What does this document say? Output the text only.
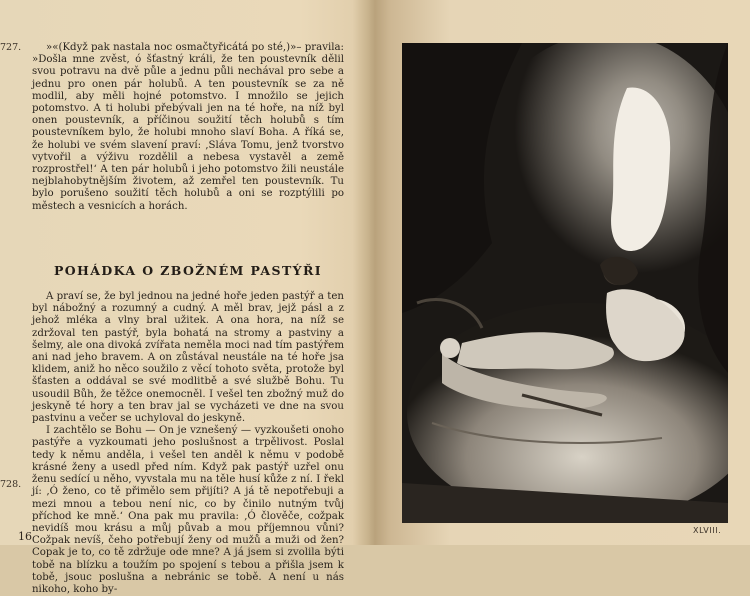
727.
728.

»«(Když pak nastala noc osmačtyřicátá po sté,)»– pravila: »Došla mne zvěst, ó šťastný králi, že ten poustevník dělil svou potravu na dvě půle a jednu půli nechával pro sebe a jednu pro onen pár holubů. A ten poustevník se za ně modlil, aby měli hojné potomstvo. I množilo se jejich potomstvo. A ti holubi přebývali jen na té hoře, na níž byl onen poustevník, a příčinou soužití těch holubů s tím poustevníkem bylo, že holubi mnoho slaví Boha. A říká se, že holubi ve svém slavení praví: ‚Sláva Tomu, jenž tvorstvo vytvořil a výživu rozdělil a nebesa vystavěl a země rozprostřel!‘ A ten pár holubů i jeho potomstvo žili neustále nejblahobytnějším životem, až zemřel ten poustevník. Tu bylo porušeno soužití těch holubů a oni se rozptýlili po městech a vesnicích a horách.

POHÁDKA O ZBOŽNÉM PASTÝŘI

A praví se, že byl jednou na jedné hoře jeden pastýř a ten byl nábožný a rozumný a cudný. A měl brav, jejž pásl a z jehož mléka a vlny bral užitek. A ona hora, na níž se zdržoval ten pastýř, byla bohatá na stromy a pastviny a šelmy, ale ona divoká zvířata neměla moci nad tím pastýřem ani nad jeho bravem. A on zůstával neustále na té hoře jsa klidem, aniž ho něco soužilo z věcí tohoto světa, protože byl šťasten a oddával se své modlitbě a své službě Bohu. Tu usoudil Bůh, že těžce onemocněl. I vešel ten zbožný muž do jeskyně té hory a ten brav jal se vycházeti ve dne na svou pastvinu a večer se uchyloval do jeskyně.

I zachtělo se Bohu — On je vznešený — vyzkoušeti onoho pastýře a vyzkoumati jeho poslušnost a trpělivost. Poslal tedy k němu anděla, i vešel ten anděl k němu v podobě krásné ženy a usedl před ním. Když pak pastýř uzřel onu ženu sedící u něho, vyvstala mu na těle husí kůže z ní. I řekl jí: ‚Ó ženo, co tě přimělo sem přijíti? A já tě nepotřebuji a mezi mnou a tebou není nic, co by činilo nutným tvůj příchod ke mně.‘ Ona pak mu pravila: ‚Ó člověče, cožpak nevidíš mou krásu a můj půvab a mou příjemnou vůni? Cožpak nevíš, čeho potřebují ženy od mužů a muži od žen? Copak je to, co tě zdržuje ode mne? A já jsem si zvolila býti tobě na blízku a toužím po spojení s tebou a přišla jsem k tobě, jsouc poslušna a nebránic se tobě. A není u nás nikoho, koho by-

16	XLVIII.
